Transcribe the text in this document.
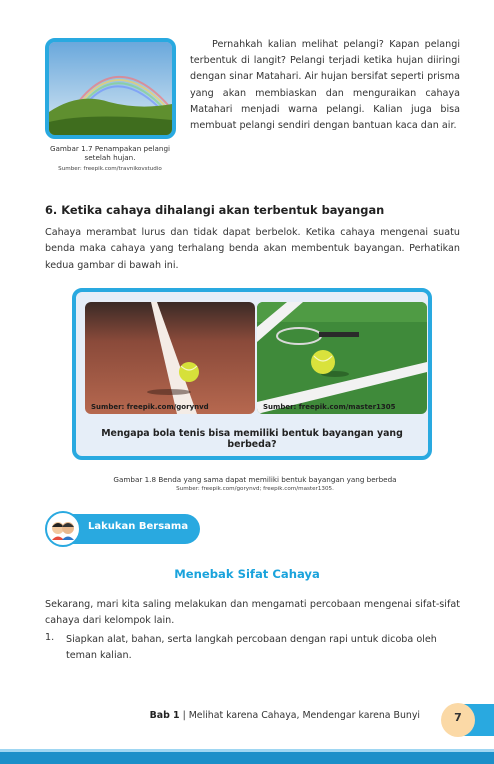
Gambar 1.7 Penampakan pelangi setelah hujan.
Sumber: freepik.com/travnikovstudio
Pernahkah kalian melihat pelangi? Kapan pelangi terbentuk di langit? Pelangi terjadi ketika hujan diiringi dengan sinar Matahari. Air hujan bersifat seperti prisma yang akan membiaskan dan menguraikan cahaya Matahari menjadi warna pelangi. Kalian juga bisa membuat pelangi sendiri dengan bantuan kaca dan air.
6. Ketika cahaya dihalangi akan terbentuk bayangan
Cahaya merambat lurus dan tidak dapat berbelok. Ketika cahaya mengenai suatu benda maka cahaya yang terhalang benda akan membentuk bayangan. Perhatikan kedua gambar di bawah ini.
Sumber: freepik.com/gorynvd	Sumber: freepik.com/master1305
Mengapa bola tenis bisa memiliki bentuk bayangan yang berbeda?
Gambar 1.8 Benda yang sama dapat memiliki bentuk bayangan yang berbeda
Sumber: freepik.com/gorynvd; freepik.com/master1305.
Lakukan Bersama
Menebak Sifat Cahaya
Sekarang, mari kita saling melakukan dan mengamati percobaan mengenai sifat-sifat cahaya dari kelompok lain.
1. Siapkan alat, bahan, serta langkah percobaan dengan rapi untuk dicoba oleh teman kalian.
Bab 1 | Melihat karena Cahaya, Mendengar karena Bunyi	7
